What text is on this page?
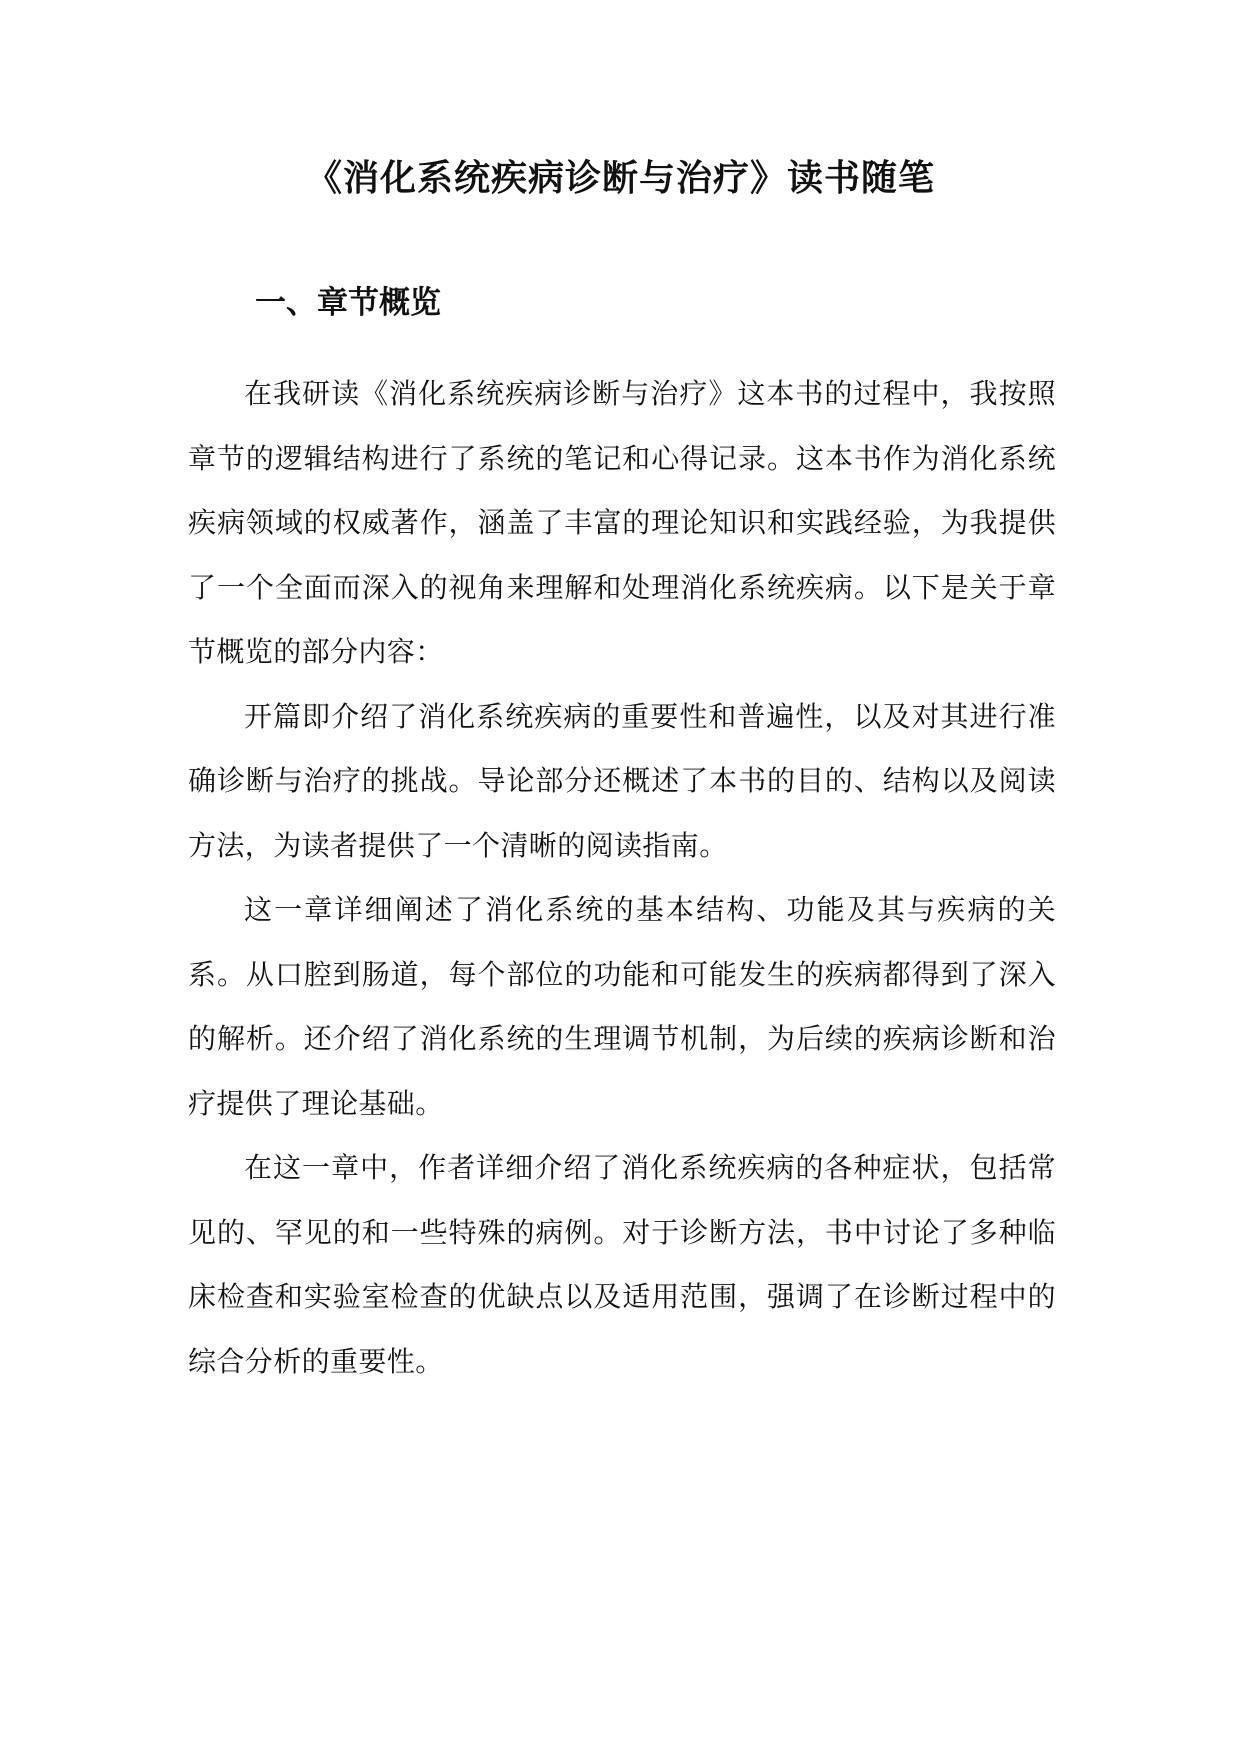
《消化系统疾病诊断与治疗》读书随笔
一、章节概览

在我研读《消化系统疾病诊断与治疗》这本书的过程中，我按照章节的逻辑结构进行了系统的笔记和心得记录。这本书作为消化系统疾病领域的权威著作，涵盖了丰富的理论知识和实践经验，为我提供了一个全面而深入的视角来理解和处理消化系统疾病。以下是关于章节概览的部分内容：

开篇即介绍了消化系统疾病的重要性和普遍性，以及对其进行准确诊断与治疗的挑战。导论部分还概述了本书的目的、结构以及阅读方法，为读者提供了一个清晰的阅读指南。

这一章详细阐述了消化系统的基本结构、功能及其与疾病的关系。从口腔到肠道，每个部位的功能和可能发生的疾病都得到了深入的解析。还介绍了消化系统的生理调节机制，为后续的疾病诊断和治疗提供了理论基础。

在这一章中，作者详细介绍了消化系统疾病的各种症状，包括常见的、罕见的和一些特殊的病例。对于诊断方法，书中讨论了多种临床检查和实验室检查的优缺点以及适用范围，强调了在诊断过程中的综合分析的重要性。
